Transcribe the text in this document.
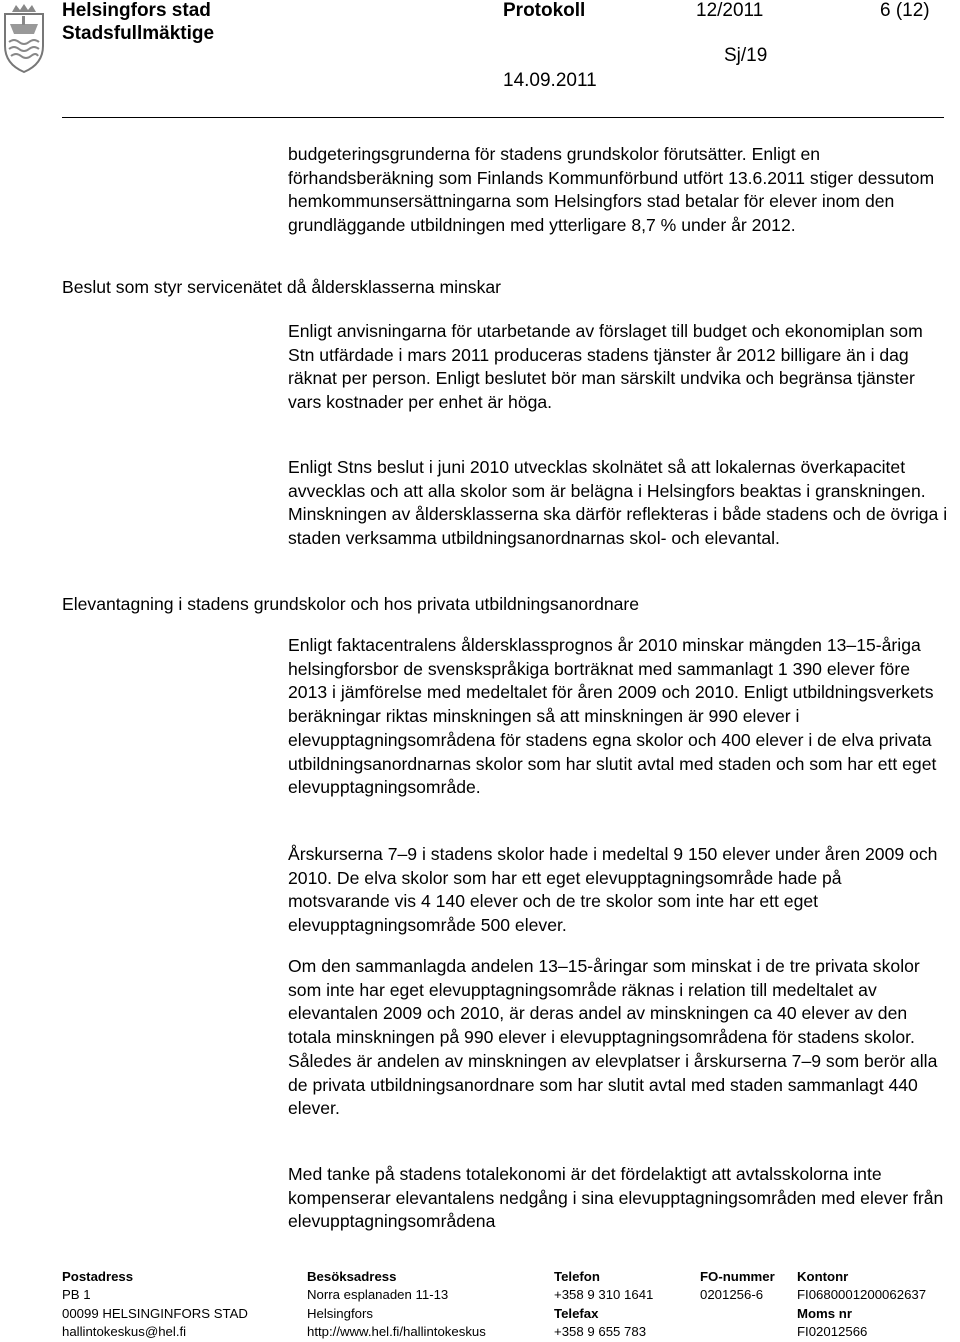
Helsingfors stad
Stadsfullmäktige
Protokoll	12/2011	6 (12)
Sj/19
14.09.2011

budgeteringsgrunderna för stadens grundskolor förutsätter. Enligt en förhandsberäkning som Finlands Kommunförbund utfört 13.6.2011 stiger dessutom hemkommunsersättningarna som Helsingfors stad betalar för elever inom den grundläggande utbildningen med ytterligare 8,7 % under år 2012.

Beslut som styr servicenätet då åldersklasserna minskar

Enligt anvisningarna för utarbetande av förslaget till budget och ekonomiplan som Stn utfärdade i mars 2011 produceras stadens tjänster år 2012 billigare än i dag räknat per person. Enligt beslutet bör man särskilt undvika och begränsa tjänster vars kostnader per enhet är höga.

Enligt Stns beslut i juni 2010 utvecklas skolnätet så att lokalernas överkapacitet avvecklas och att alla skolor som är belägna i Helsingfors beaktas i granskningen. Minskningen av åldersklasserna ska därför reflekteras i både stadens och de övriga i staden verksamma utbildningsanordnarnas skol- och elevantal.

Elevantagning i stadens grundskolor och hos privata utbildningsanordnare

Enligt faktacentralens åldersklassprognos år 2010 minskar mängden 13–15-åriga helsingforsbor de svenskspråkiga borträknat med sammanlagt 1 390 elever före 2013 i jämförelse med medeltalet för åren 2009 och 2010. Enligt utbildningsverkets beräkningar riktas minskningen så att minskningen är 990 elever i elevupptagningsområdena för stadens egna skolor och 400 elever i de elva privata utbildningsanordnarnas skolor som har slutit avtal med staden och som har ett eget elevupptagningsområde.

Årskurserna 7–9 i stadens skolor hade i medeltal 9 150 elever under åren 2009 och 2010. De elva skolor som har ett eget elevupptagningsområde hade på motsvarande vis 4 140 elever och de tre skolor som inte har ett eget elevupptagningsområde 500 elever.

Om den sammanlagda andelen 13–15-åringar som minskat i de tre privata skolor som inte har eget elevupptagningsområde räknas i relation till medeltalet av elevantalen 2009 och 2010, är deras andel av minskningen ca 40 elever av den totala minskningen på 990 elever i elevupptagningsområdena för stadens skolor. Således är andelen av minskningen av elevplatser i årskurserna 7–9 som berör alla de privata utbildningsanordnare som har slutit avtal med staden sammanlagt 440 elever.

Med tanke på stadens totalekonomi är det fördelaktigt att avtalsskolorna inte kompenserar elevantalens nedgång i sina elevupptagningsområden med elever från elevupptagningsområdena

Postadress
PB 1
00099 HELSINGINFORS STAD
hallintokeskus@hel.fi
Besöksadress
Norra esplanaden 11-13
Helsingfors
http://www.hel.fi/hallintokeskus
Telefon
+358 9 310 1641
Telefax
+358 9 655 783
FO-nummer
0201256-6
Kontonr
FI0680001200062637
Moms nr
FI02012566
